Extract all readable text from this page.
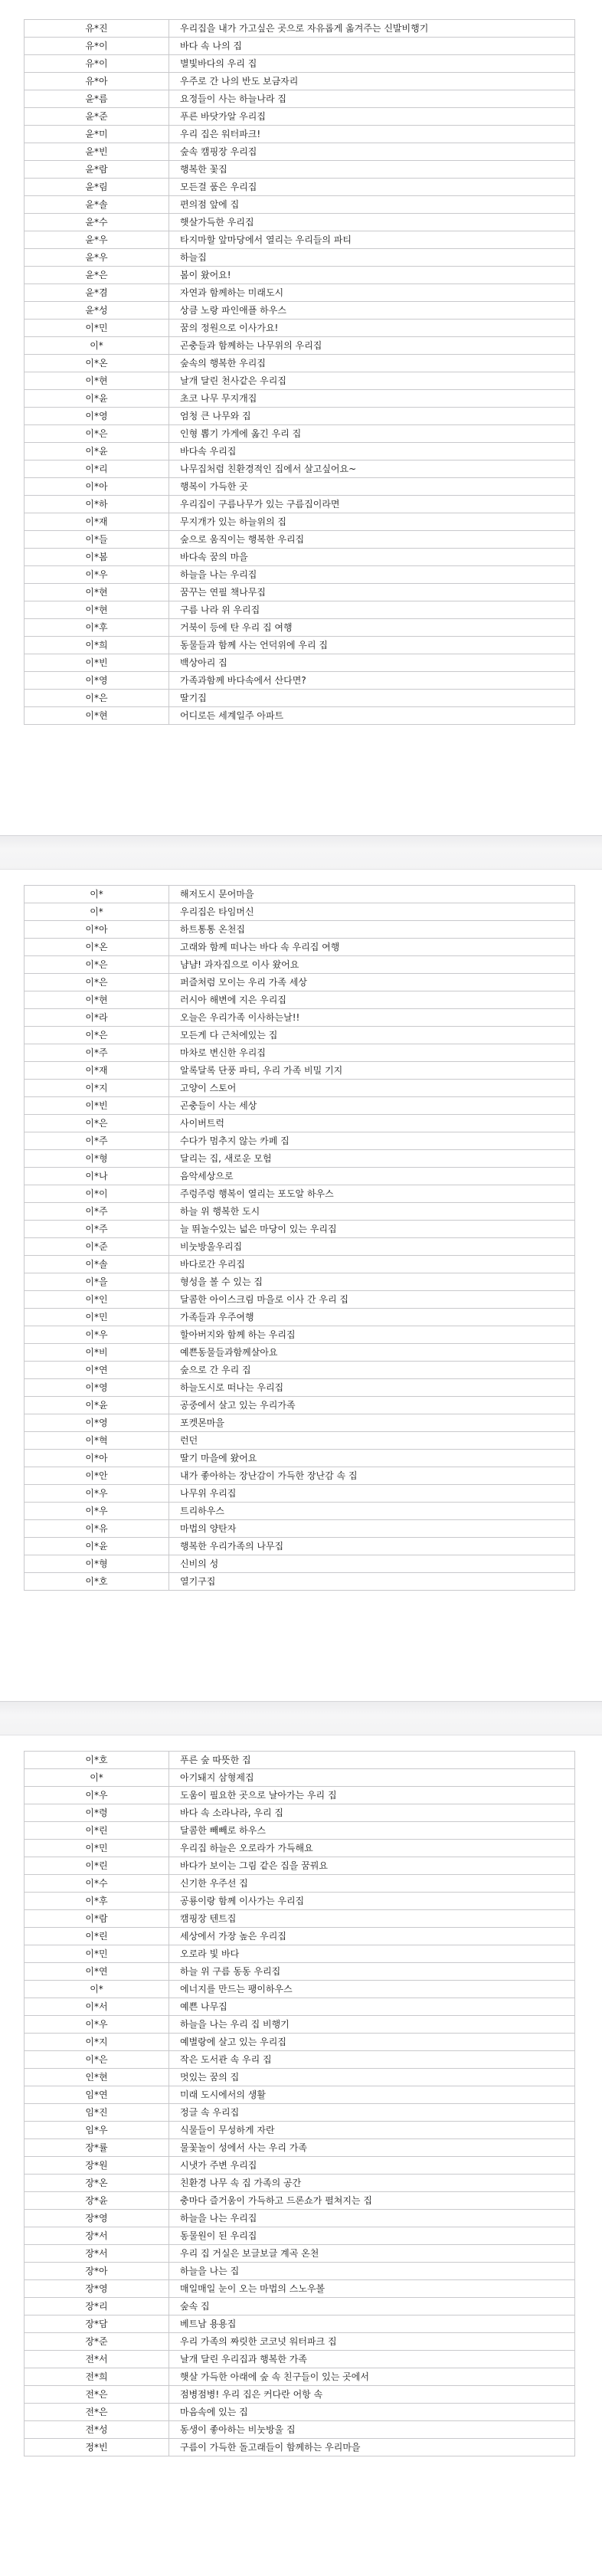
유*진	우리집을 내가 가고싶은 곳으로 자유롭게 옮겨주는 신발비행기
유*이	바다 속 나의 집
유*이	별빛바다의 우리 집
유*아	우주로 간 나의 반도 보금자리
윤*름	요정들이 사는 하늘나라 집
윤*준	푸른 바닷가알 우리집
윤*미	우리 집은 워터파크!
윤*빈	숲속 캠핑장 우리집
윤*람	행복한 꽃집
윤*림	모든걸 품은 우리집
윤*솔	편의점 앞에 집
윤*수	햇살가득한 우리집
윤*우	타지마할 앞마당에서 열리는 우리들의 파티
윤*우	하늘집
윤*은	봄이 왔어요!
윤*겸	자연과 함께하는 미래도시
윤*성	상큼 노랑 파인애플 하우스
이*민	꿈의 정원으로 이사가요!
이*	곤충들과 함께하는 나무위의 우리집
이*온	숲속의 행복한 우리집
이*현	날개 달린 천사같은 우리집
이*윤	초코 나무 무지개집
이*영	엄청 큰 나무와 집
이*은	인형 뽑기 가게에 옮긴 우리 집
이*윤	바다속 우리집
이*리	나무집처럼 친환경적인 집에서 살고싶어요~
이*아	행복이 가득한 곳
이*하	우리집이 구름나무가 있는 구름집이라면
이*재	무지개가 있는 하늘위의 집
이*들	숲으로 움직이는 행복한 우리집
이*봄	바다속 꿈의 마을
이*우	하늘을 나는 우리집
이*현	꿈꾸는 연필 책나무집
이*현	구름 나라 위 우리집
이*후	거북이 등에 탄 우리 집 여행
이*희	동물들과 함께 사는 언덕위에 우리 집
이*빈	백상아리 집
이*영	가족과함께 바다속에서 산다면?
이*은	딸기집
이*현	어디로든 세계일주 아파트
이*	해저도시 문어마을
이*	우리집은 타임머신
이*아	하트통통 온천집
이*온	고래와 함께 떠나는 바다 속 우리집 여행
이*은	냠냠! 과자집으로 이사 왔어요
이*은	퍼즐처럼 모이는 우리 가족 세상
이*현	러시아 해변에 지은 우리집
이*라	오늘은 우리가족 이사하는날!!
이*은	모든게 다 근처에있는 집
이*주	마차로 변신한 우리집
이*재	알록달록 단풍 파티, 우리 가족 비밀 기지
이*지	고양이 스토어
이*빈	곤충들이 사는 세상
이*은	사이버트럭
이*주	수다가 멈추지 않는 카페 집
이*형	달리는 집, 새로운 모험
이*나	음악세상으로
이*이	주렁주렁 행복이 열리는 포도알 하우스
이*주	하늘 위 행복한 도시
이*주	늘 뛰놀수있는 넓은 마당이 있는 우리집
이*준	비눗방울우리집
이*솔	바다로간 우리집
이*을	형성을 볼 수 있는 집
이*인	달콤한 아이스크림 마을로 이사 간 우리 집
이*민	가족들과 우주여행
이*우	할아버지와 함께 하는 우리집
이*비	예쁜동물들과함께살아요
이*연	숲으로 간 우리 집
이*영	하늘도시로 떠나는 우리집
이*윤	공중에서 살고 있는 우리가족
이*영	포켓몬마을
이*혁	런던
이*아	딸기 마을에 왔어요
이*안	내가 좋아하는 장난감이 가득한 장난감 속 집
이*우	나무위 우리집
이*우	트리하우스
이*유	마법의 양탄자
이*윤	행복한 우리가족의 나무집
이*형	신비의 성
이*호	열기구집
이*호	푸른 숲 따뜻한 집
이*	아기돼지 삼형제집
이*우	도움이 필요한 곳으로 날아가는 우리 집
이*령	바다 속 소라나라, 우리 집
이*린	달콤한 빼빼로 하우스
이*민	우리집 하늘은 오로라가 가득해요
이*린	바다가 보이는 그림 같은 집을 꿈꿔요
이*수	신기한 우주선 집
이*후	공룡이랑 함께 이사가는 우리집
이*람	캠핑장 텐트집
이*린	세상에서 가장 높은 우리집
이*민	오로라 빛 바다
이*연	하늘 위 구름 동동 우리집
이*	에너지를 만드는 팽이하우스
이*서	예쁜 나무집
이*우	하늘을 나는 우리 집 비행기
이*지	예별랑에 살고 있는 우리집
이*은	작은 도서관 속 우리 집
인*현	멋있는 꿈의 집
임*연	미래 도시에서의 생활
임*진	정글 속 우리집
임*우	식물들이 무성하게 자란
장*률	물꽃놀이 성에서 사는 우리 가족
장*원	시냇가 주변 우리집
장*온	친환경 나무 속 집 가족의 공간
장*윤	충마다 즐거움이 가득하고 드론쇼가 펼쳐지는 집
장*영	하늘을 나는 우리집
장*서	동물원이 된 우리집
장*서	우리 집 거실은 보글보글 계곡 온천
장*아	하늘을 나는 집
장*영	매일매일 눈이 오는 마법의 스노우볼
장*리	숲속 집
장*담	베트남 용용집
장*준	우리 가족의 짜릿한 코코넛 워터파크 집
전*서	날개 달린 우리집과 행복한 가족
전*희	햇살 가득한 아래에 숲 속 친구들이 있는 곳에서
전*은	점병점병! 우리 집은 커다란 어항 속
전*은	마음속에 있는 집
전*성	동생이 좋아하는 비눗방울 집
정*빈	구름이 가득한 돌고래들이 함께하는 우리마을
